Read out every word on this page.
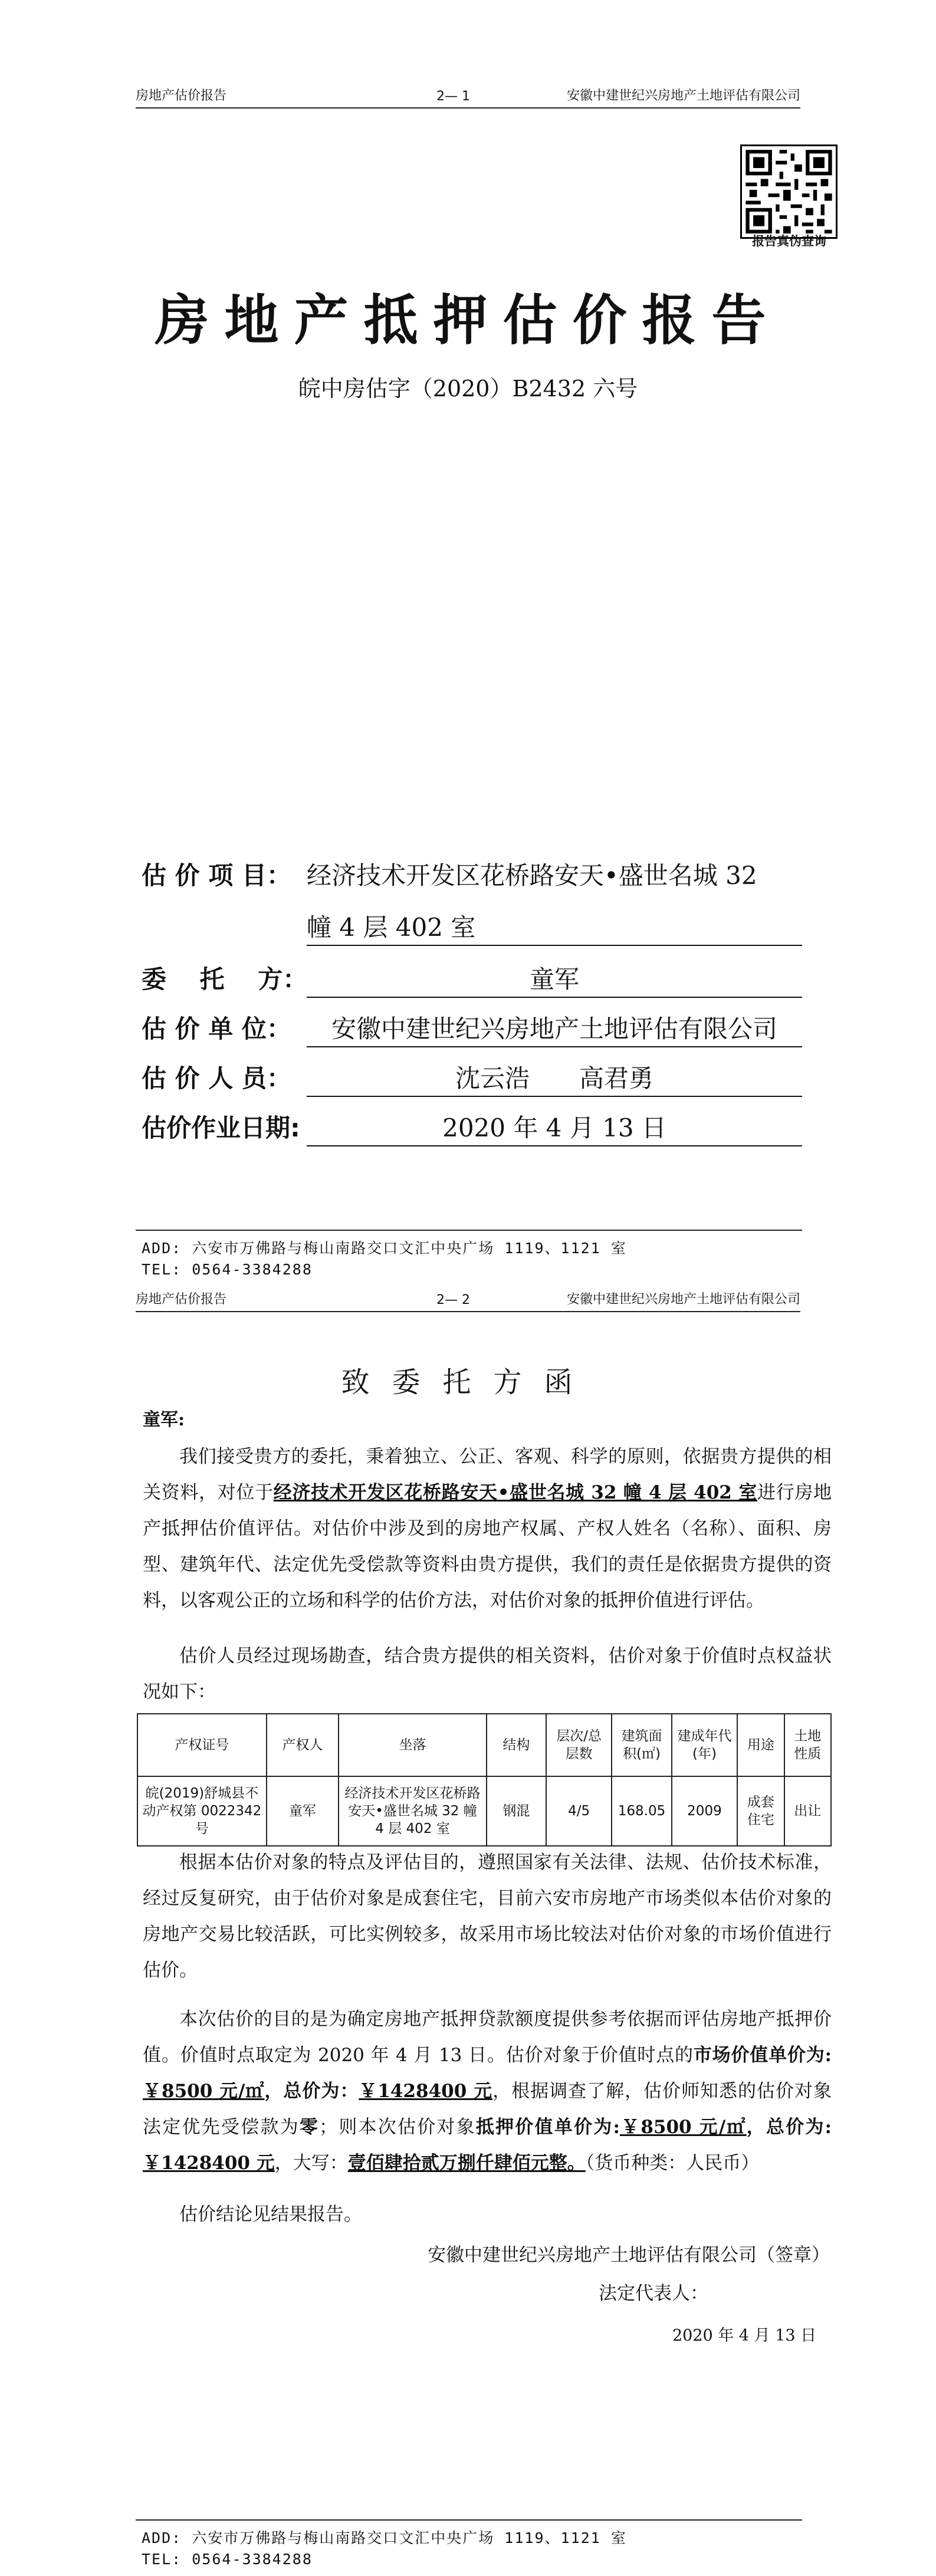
房地产估价报告	2— 1	安徽中建世纪兴房地产土地评估有限公司
报告真伪查询
房地产抵押估价报告
皖中房估字（2020）B2432 六号
估 价 项 目： 经济技术开发区花桥路安天•盛世名城 32
幢 4 层 402 室
委　 托　 方：	童军
估 价 单 位：	安徽中建世纪兴房地产土地评估有限公司
估 价 人 员：	沈云浩　　高君勇
估价作业日期:	2020 年 4 月 13 日
ADD: 六安市万佛路与梅山南路交口文汇中央广场 1119、1121 室
TEL: 0564-3384288
房地产估价报告	2— 2	安徽中建世纪兴房地产土地评估有限公司
致委托方函
童军:
我们接受贵方的委托，秉着独立、公正、客观、科学的原则，依据贵方提供的相关资料，对位于经济技术开发区花桥路安天•盛世名城 32 幢 4 层 402 室进行房地产抵押估价值评估。对估价中涉及到的房地产权属、产权人姓名（名称）、面积、房型、建筑年代、法定优先受偿款等资料由贵方提供，我们的责任是依据贵方提供的资料，以客观公正的立场和科学的估价方法，对估价对象的抵押价值进行评估。
估价人员经过现场勘查，结合贵方提供的相关资料，估价对象于价值时点权益状况如下：
产权证号	产权人	坐落	结构	层次/总层数	建筑面积(㎡)	建成年代(年)	用途	土地性质
皖(2019)舒城县不动产权第 0022342 号	童军	经济技术开发区花桥路安天•盛世名城 32 幢 4 层 402 室	钢混	4/5	168.05	2009	成套住宅	出让
根据本估价对象的特点及评估目的，遵照国家有关法律、法规、估价技术标准，经过反复研究，由于估价对象是成套住宅，目前六安市房地产市场类似本估价对象的房地产交易比较活跃，可比实例较多，故采用市场比较法对估价对象的市场价值进行估价。
本次估价的目的是为确定房地产抵押贷款额度提供参考依据而评估房地产抵押价值。价值时点取定为 2020 年 4 月 13 日。估价对象于价值时点的市场价值单价为:￥8500 元/㎡，总价为：￥1428400 元，根据调查了解，估价师知悉的估价对象法定优先受偿款为零；则本次估价对象抵押价值单价为:￥8500 元/㎡，总价为:￥1428400 元，大写：壹佰肆拾贰万捌仟肆佰元整。（货币种类：人民币）
估价结论见结果报告。
安徽中建世纪兴房地产土地评估有限公司（签章）
法定代表人：
2020 年 4 月 13 日
ADD: 六安市万佛路与梅山南路交口文汇中央广场 1119、1121 室
TEL: 0564-3384288
